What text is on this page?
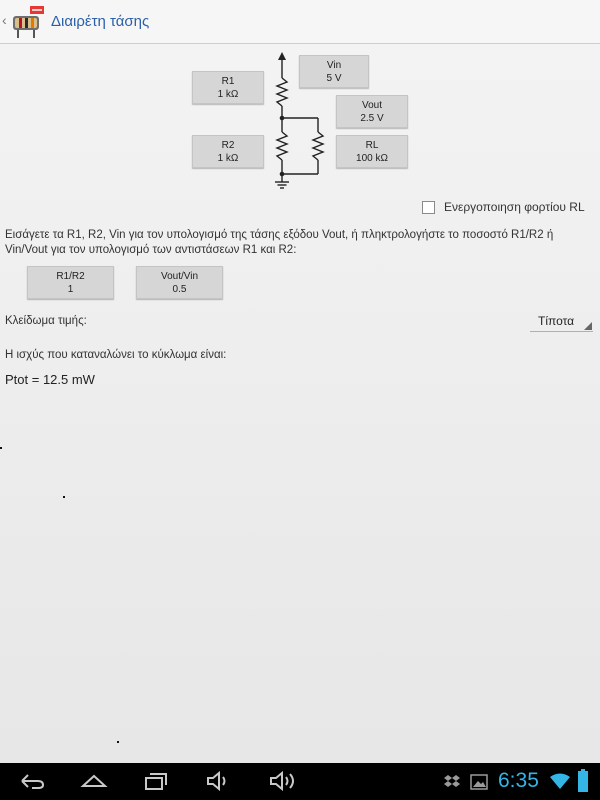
‹	Διαιρέτη τάσης
R1
1 kΩ
R2
1 kΩ
Vin
5 V
Vout
2.5 V
RL
100 kΩ
Ενεργοποιηση φορτίου RL
Εισάγετε τα R1, R2, Vin για τον υπολογισμό της τάσης εξόδου Vout, ή πληκτρολογήστε το ποσοστό R1/R2 ή Vin/Vout για τον υπολογισμό των αντιστάσεων R1 και R2:
R1/R2
1
Vout/Vin
0.5
Κλείδωμα τιμής:	Τίποτα
Η ισχύς που καταναλώνει το κύκλωμα είναι:
Ptot = 12.5 mW
6:35
